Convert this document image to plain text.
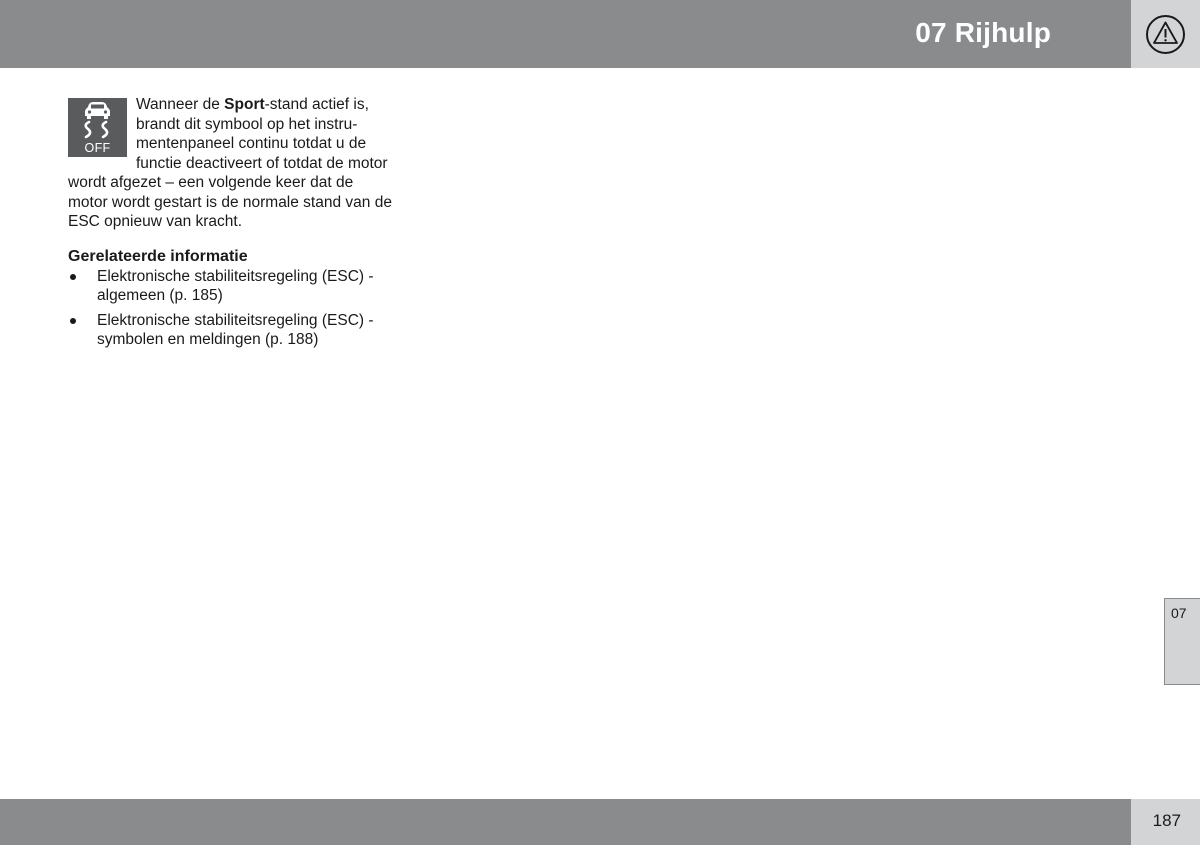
07 Rijhulp
OFF

Wanneer de Sport-stand actief is, brandt dit symbool op het instrumentenpaneel continu totdat u de functie deactiveert of totdat de motor wordt afgezet – een volgende keer dat de motor wordt gestart is de normale stand van de ESC opnieuw van kracht.

Gerelateerde informatie
Elektronische stabiliteitsregeling (ESC) - algemeen (p. 185)
Elektronische stabiliteitsregeling (ESC) - symbolen en meldingen (p. 188)
07
187
